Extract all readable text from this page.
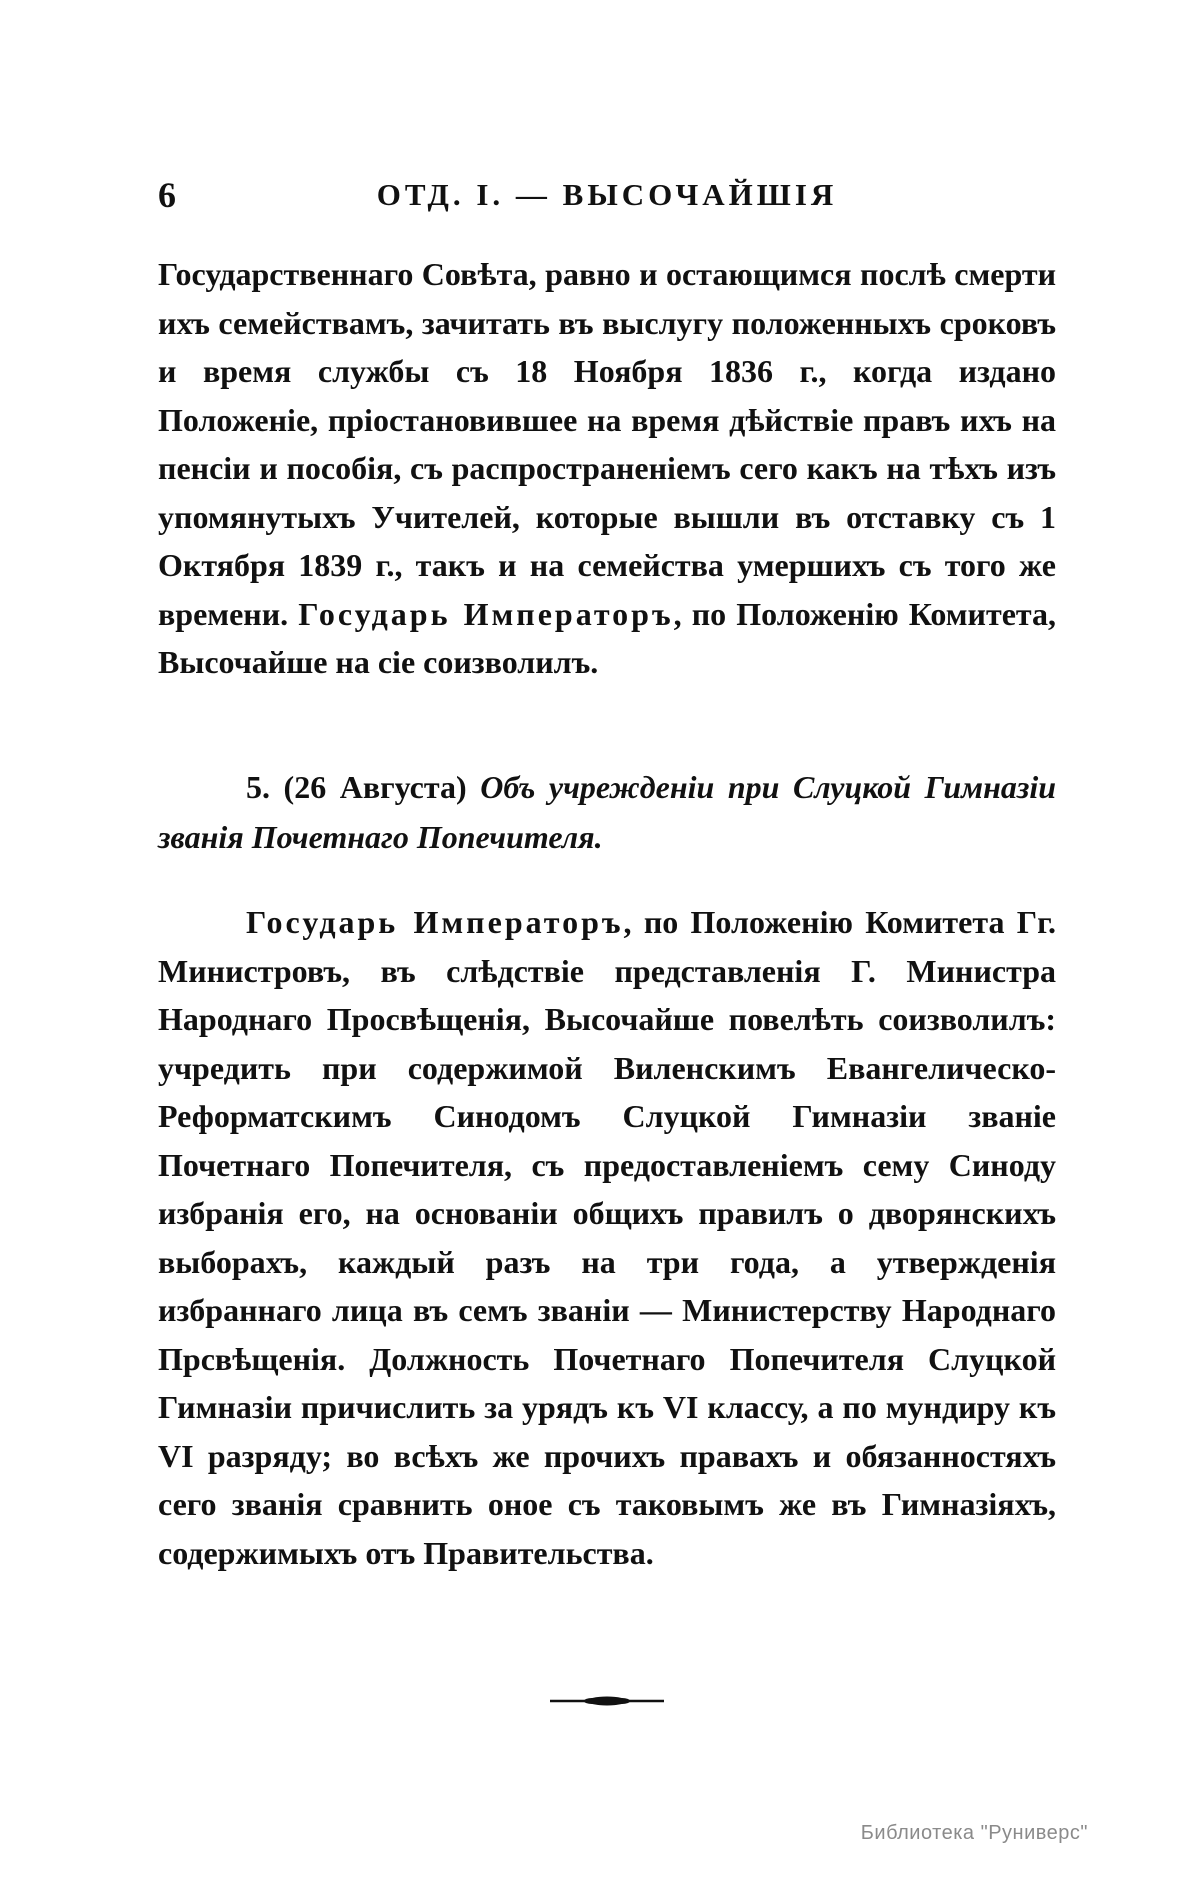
6	ОТД. I. — ВЫСОЧАЙШІЯ

Государственнаго Совѣта, равно и остающимся послѣ смерти ихъ семействамъ, зачитать въ выслугу положенныхъ сроковъ и время службы съ 18 Ноября 1836 г., когда издано Положеніе, пріостановившее на время дѣйствіе правъ ихъ на пенсіи и пособія, съ распространеніемъ сего какъ на тѣхъ изъ упомянутыхъ Учителей, которые вышли въ отставку съ 1 Октября 1839 г., такъ и на семейства умершихъ съ того же времени. Государь Императоръ, по Положенію Комитета, Высочайше на сіе соизволилъ.

5. (26 Августа) Объ учрежденіи при Слуцкой Гимназіи званія Почетнаго Попечителя.

Государь Императоръ, по Положенію Комитета Гг. Министровъ, въ слѣдствіе представленія Г. Министра Народнаго Просвѣщенія, Высочайше повелѣть соизволилъ: учредить при содержимой Виленскимъ Евангелическо-Реформатскимъ Синодомъ Слуцкой Гимназіи званіе Почетнаго Попечителя, съ предоставленіемъ сему Синоду избранія его, на основаніи общихъ правилъ о дворянскихъ выборахъ, каждый разъ на три года, а утвержденія избраннаго лица въ семъ званіи — Министерству Народнаго Прсвѣщенія. Должность Почетнаго Попечителя Слуцкой Гимназіи причислить за урядъ къ VI классу, а по мундиру къ VI разряду; во всѣхъ же прочихъ правахъ и обязанностяхъ сего званія сравнить оное съ таковымъ же въ Гимназіяхъ, содержимыхъ отъ Правительства.

Библиотека "Руниверс"
